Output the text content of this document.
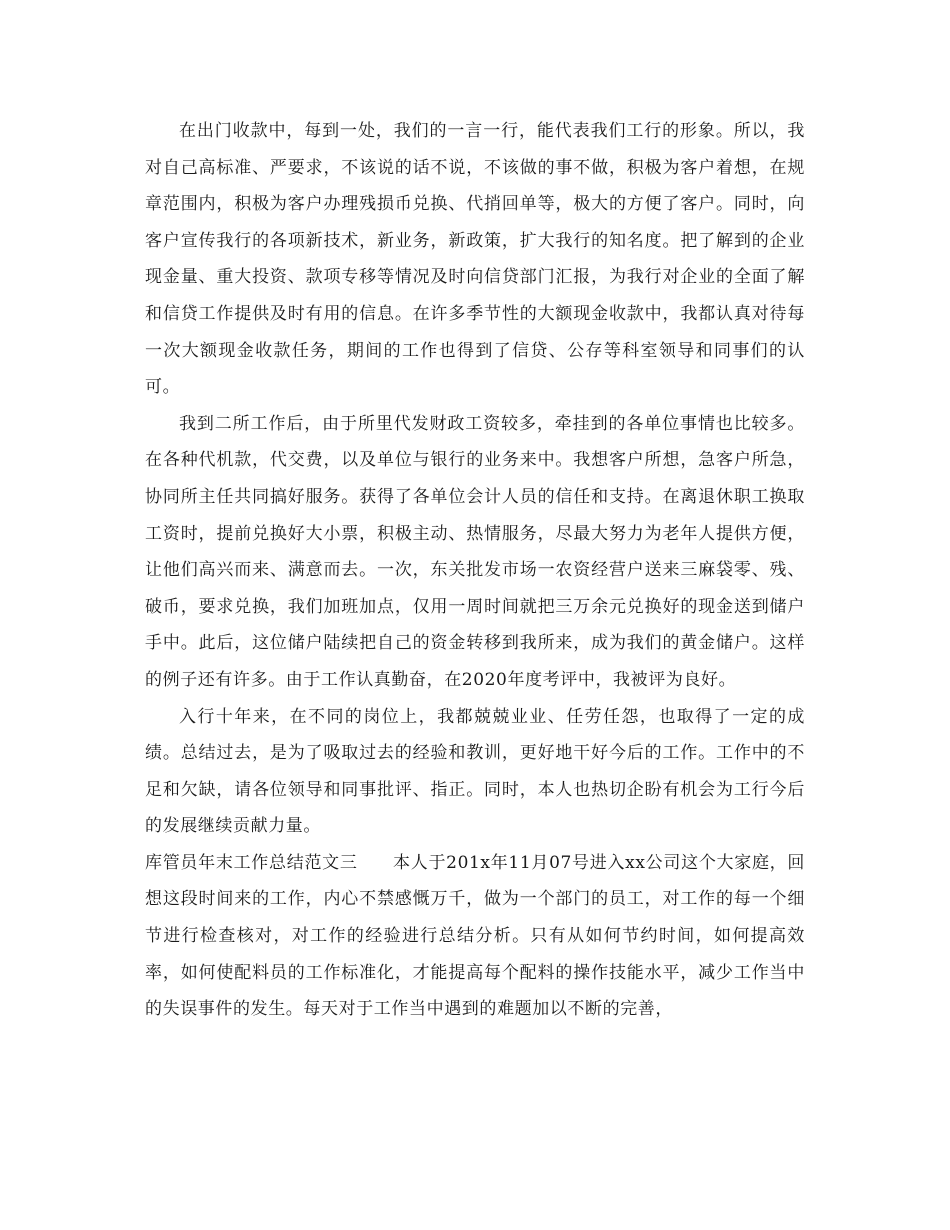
在出门收款中，每到一处，我们的一言一行，能代表我们工行的形象。所以，我对自己高标准、严要求，不该说的话不说，不该做的事不做，积极为客户着想，在规章范围内，积极为客户办理残损币兑换、代捎回单等，极大的方便了客户。同时，向客户宣传我行的各项新技术，新业务，新政策，扩大我行的知名度。把了解到的企业现金量、重大投资、款项专移等情况及时向信贷部门汇报，为我行对企业的全面了解和信贷工作提供及时有用的信息。在许多季节性的大额现金收款中，我都认真对待每一次大额现金收款任务，期间的工作也得到了信贷、公存等科室领导和同事们的认可。

我到二所工作后，由于所里代发财政工资较多，牵挂到的各单位事情也比较多。在各种代机款，代交费，以及单位与银行的业务来中。我想客户所想，急客户所急，协同所主任共同搞好服务。获得了各单位会计人员的信任和支持。在离退休职工换取工资时，提前兑换好大小票，积极主动、热情服务，尽最大努力为老年人提供方便，让他们高兴而来、满意而去。一次，东关批发市场一农资经营户送来三麻袋零、残、破币，要求兑换，我们加班加点，仅用一周时间就把三万余元兑换好的现金送到储户手中。此后，这位储户陆续把自己的资金转移到我所来，成为我们的黄金储户。这样的例子还有许多。由于工作认真勤奋，在2020年度考评中，我被评为良好。

入行十年来，在不同的岗位上，我都兢兢业业、任劳任怨，也取得了一定的成绩。总结过去，是为了吸取过去的经验和教训，更好地干好今后的工作。工作中的不足和欠缺，请各位领导和同事批评、指正。同时，本人也热切企盼有机会为工行今后的发展继续贡献力量。

库管员年末工作总结范文三　　本人于201x年11月07号进入xx公司这个大家庭，回想这段时间来的工作，内心不禁感慨万千，做为一个部门的员工，对工作的每一个细节进行检查核对，对工作的经验进行总结分析。只有从如何节约时间，如何提高效率，如何使配料员的工作标准化，才能提高每个配料的操作技能水平，减少工作当中的失误事件的发生。每天对于工作当中遇到的难题加以不断的完善，
